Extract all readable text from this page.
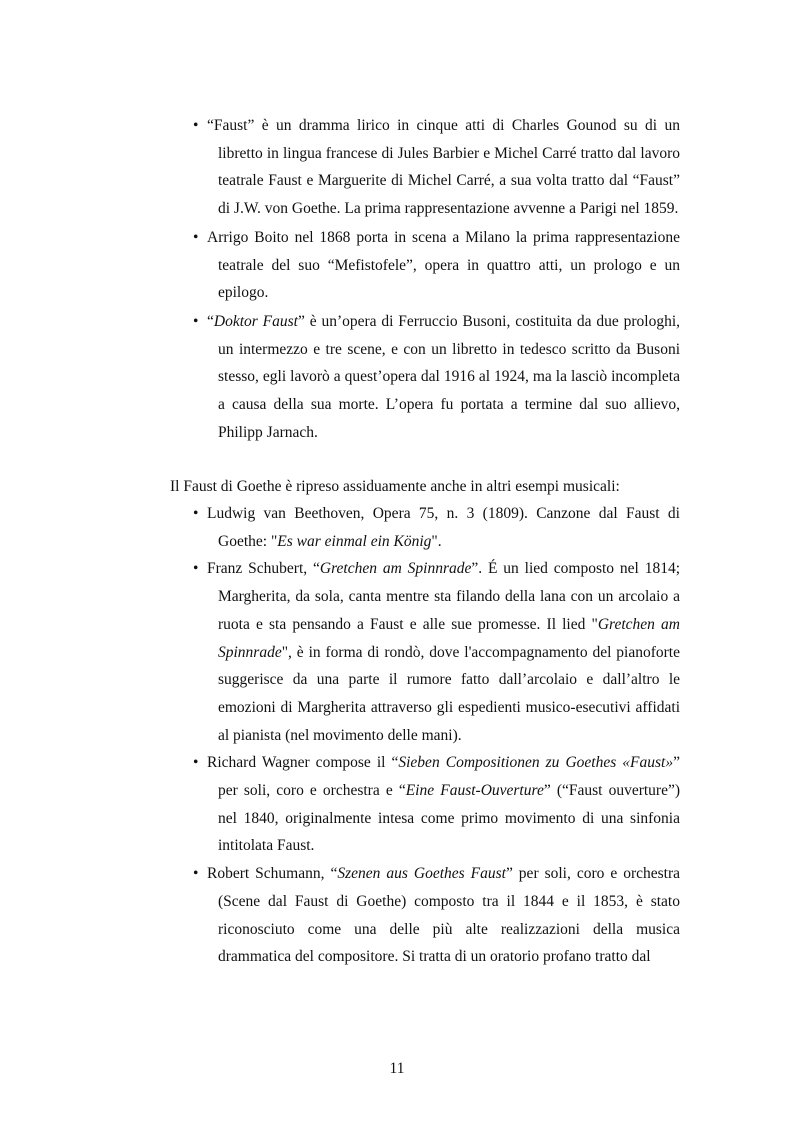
• “Faust” è un dramma lirico in cinque atti di Charles Gounod su di un libretto in lingua francese di Jules Barbier e Michel Carré tratto dal lavoro teatrale Faust e Marguerite di Michel Carré, a sua volta tratto dal “Faust” di J.W. von Goethe. La prima rappresentazione avvenne a Parigi nel 1859.
• Arrigo Boito nel 1868 porta in scena a Milano la prima rappresentazione teatrale del suo “Mefistofele”, opera in quattro atti, un prologo e un epilogo.
• “Doktor Faust” è un’opera di Ferruccio Busoni, costituita da due prologhi, un intermezzo e tre scene, e con un libretto in tedesco scritto da Busoni stesso, egli lavorò a quest’opera dal 1916 al 1924, ma la lasciò incompleta a causa della sua morte. L’opera fu portata a termine dal suo allievo, Philipp Jarnach.

Il Faust di Goethe è ripreso assiduamente anche in altri esempi musicali:

• Ludwig van Beethoven, Opera 75, n. 3 (1809). Canzone dal Faust di Goethe: "Es war einmal ein König".
• Franz Schubert, “Gretchen am Spinnrade”. É un lied composto nel 1814; Margherita, da sola, canta mentre sta filando della lana con un arcolaio a ruota e sta pensando a Faust e alle sue promesse. Il lied "Gretchen am Spinnrade", è in forma di rondò, dove l'accompagnamento del pianoforte suggerisce da una parte il rumore fatto dall’arcolaio e dall’altro le emozioni di Margherita attraverso gli espedienti musico-esecutivi affidati al pianista (nel movimento delle mani).
• Richard Wagner compose il “Sieben Compositionen zu Goethes «Faust»” per soli, coro e orchestra e “Eine Faust-Ouverture” (“Faust ouverture”) nel 1840, originalmente intesa come primo movimento di una sinfonia intitolata Faust.
• Robert Schumann, “Szenen aus Goethes Faust” per soli, coro e orchestra (Scene dal Faust di Goethe) composto tra il 1844 e il 1853, è stato riconosciuto come una delle più alte realizzazioni della musica drammatica del compositore. Si tratta di un oratorio profano tratto dal
11
